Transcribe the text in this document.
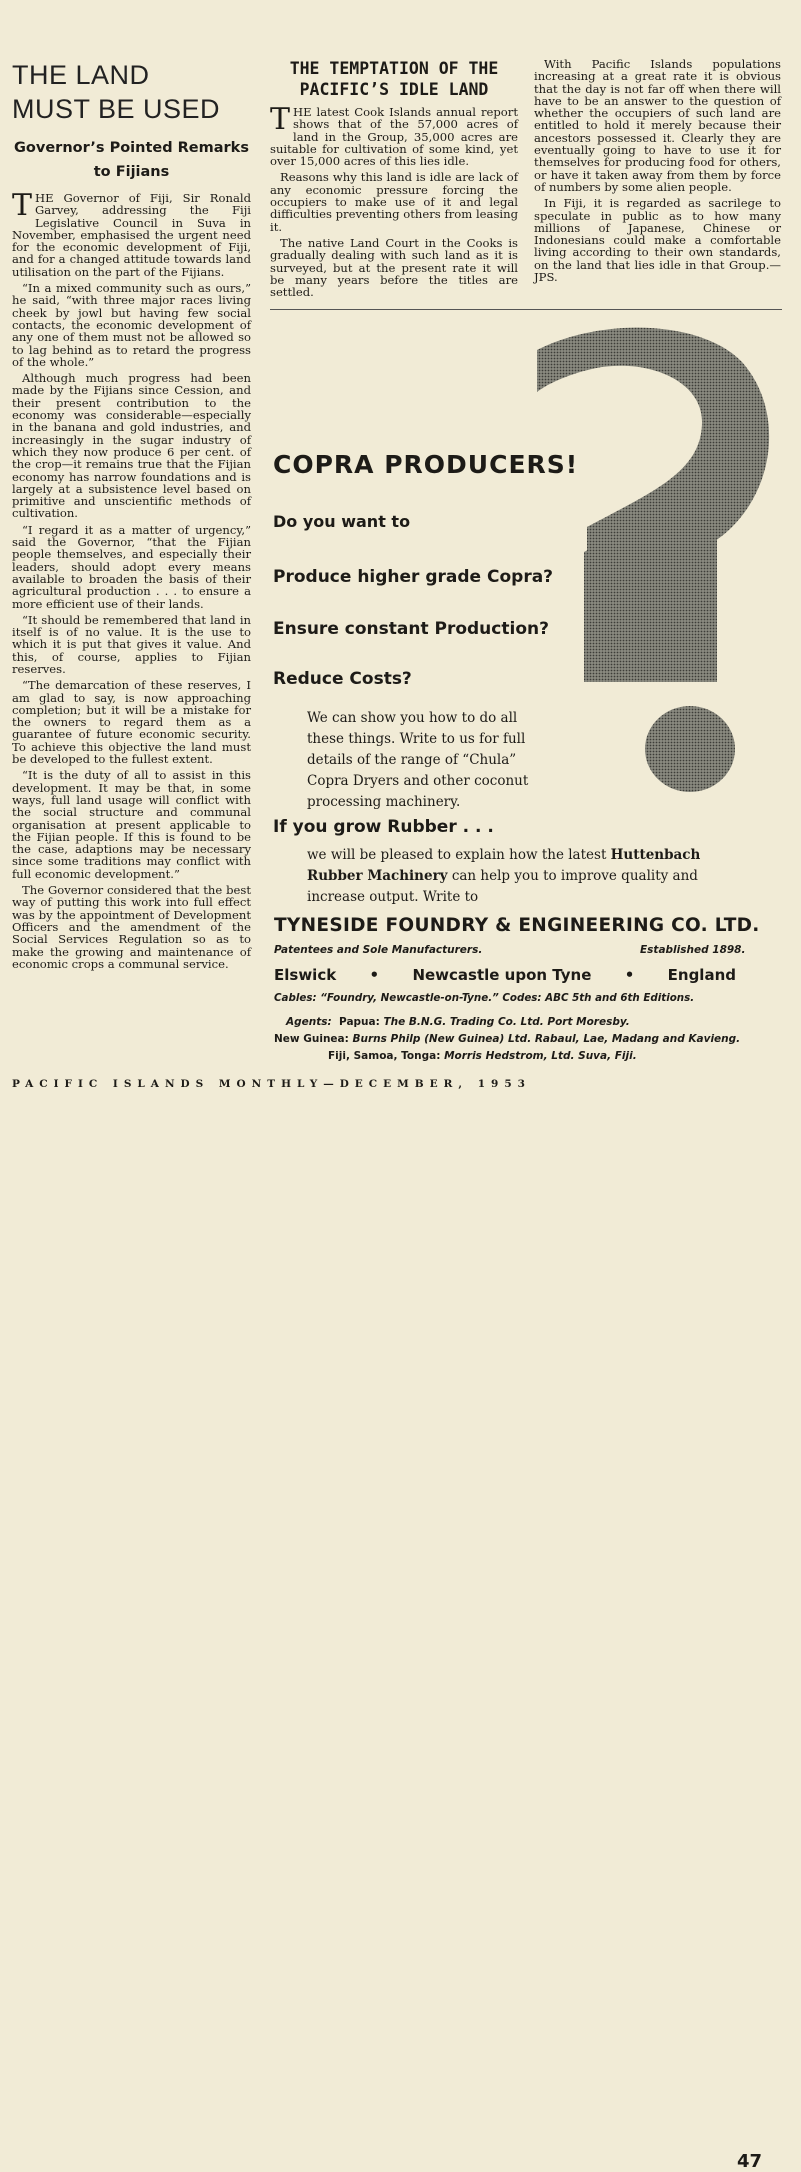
THE LAND
MUST BE USED
Governor’s Pointed Remarks
to Fijians

THE Governor of Fiji, Sir Ronald Garvey, addressing the Fiji Legislative Council in Suva in November, emphasised the urgent need for the economic development of Fiji, and for a changed attitude towards land utilisation on the part of the Fijians.

“In a mixed community such as ours,” he said, “with three major races living cheek by jowl but having few social contacts, the economic development of any one of them must not be allowed so to lag behind as to retard the progress of the whole.”

Although much progress had been made by the Fijians since Cession, and their present contribution to the economy was considerable—especially in the banana and gold industries, and increasingly in the sugar industry of which they now produce 6 per cent. of the crop—it remains true that the Fijian economy has narrow foundations and is largely at a subsistence level based on primitive and unscientific methods of cultivation.

“I regard it as a matter of urgency,” said the Governor, “that the Fijian people themselves, and especially their leaders, should adopt every means available to broaden the basis of their agricultural production . . . to ensure a more efficient use of their lands.

“It should be remembered that land in itself is of no value. It is the use to which it is put that gives it value. And this, of course, applies to Fijian reserves.

“The demarcation of these reserves, I am glad to say, is now approaching completion; but it will be a mistake for the owners to regard them as a guarantee of future economic security. To achieve this objective the land must be developed to the fullest extent.

“It is the duty of all to assist in this development. It may be that, in some ways, full land usage will conflict with the social structure and communal organisation at present applicable to the Fijian people. If this is found to be the case, adaptions may be necessary since some traditions may conflict with full economic development.”

The Governor considered that the best way of putting this work into full effect was by the appointment of Development Officers and the amendment of the Social Services Regulation so as to make the growing and maintenance of economic crops a communal service.

THE TEMPTATION OF THE
PACIFIC’S IDLE LAND

THE latest Cook Islands annual report shows that of the 57,000 acres of land in the Group, 35,000 acres are suitable for cultivation of some kind, yet over 15,000 acres of this lies idle.

Reasons why this land is idle are lack of any economic pressure forcing the occupiers to make use of it and legal difficulties preventing others from leasing it.

The native Land Court in the Cooks is gradually dealing with such land as it is surveyed, but at the present rate it will be many years before the titles are settled.

With Pacific Islands populations increasing at a great rate it is obvious that the day is not far off when there will have to be an answer to the question of whether the occupiers of such land are entitled to hold it merely because their ancestors possessed it. Clearly they are eventually going to have to use it for themselves for producing food for others, or have it taken away from them by force of numbers by some alien people.

In Fiji, it is regarded as sacrilege to speculate in public as to how many millions of Japanese, Chinese or Indonesians could make a comfortable living according to their own standards, on the land that lies idle in that Group.—JPS.

COPRA PRODUCERS!
Do you want to
Produce higher grade Copra?
Ensure constant Production?
Reduce Costs?
We can show you how to do all
these things. Write to us for full
details of the range of “Chula”
Copra Dryers and other coconut
processing machinery.
If you grow Rubber . . .
we will be pleased to explain how the latest Huttenbach
Rubber Machinery can help you to improve quality and
increase output. Write to
TYNESIDE FOUNDRY & ENGINEERING CO. LTD.
Patentees and Sole Manufacturers.	Established 1898.
Elswick • Newcastle upon Tyne • England
Cables: “Foundry, Newcastle-on-Tyne.” Codes: ABC 5th and 6th Editions.
Agents: Papua: The B.N.G. Trading Co. Ltd. Port Moresby.
New Guinea: Burns Philp (New Guinea) Ltd. Rabaul, Lae, Madang and Kavieng.
Fiji, Samoa, Tonga: Morris Hedstrom, Ltd. Suva, Fiji.
PACIFIC ISLANDS MONTHLY—DECEMBER, 1953
47
